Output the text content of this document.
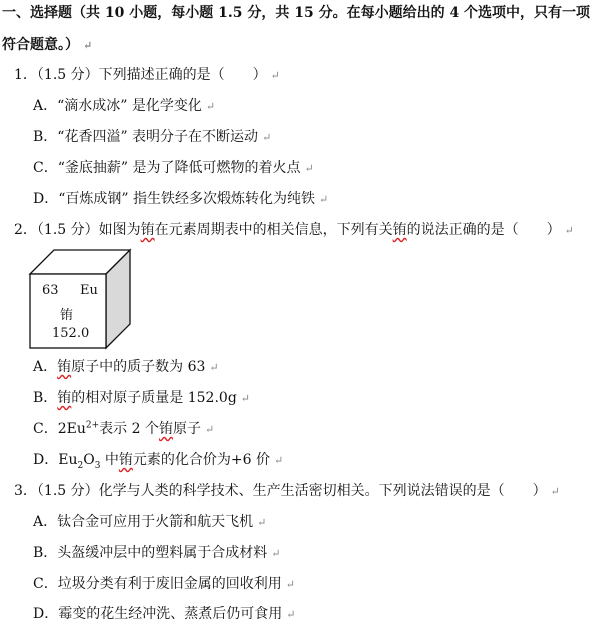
一、选择题（共 10 小题，每小题 1.5 分，共 15 分。在每小题给出的 4 个选项中，只有一项
符合题意。） ↵
1．（1.5 分）下列描述正确的是（　　） ↵
A．“滴水成冰” 是化学变化 ↵
B．“花香四溢” 表明分子在不断运动 ↵
C．“釜底抽薪” 是为了降低可燃物的着火点 ↵
D．“百炼成钢” 指生铁经多次煅炼转化为纯铁 ↵
2．（1.5 分）如图为铕在元素周期表中的相关信息，下列有关铕的说法正确的是（　　） ↵
63 Eu
铕
152.0
A．铕原子中的质子数为 63 ↵
B．铕的相对原子质量是 152.0g ↵
C．$2Eu^{2+}$表示 2 个铕原子 ↵
D．$Eu_2O_3$ 中铕元素的化合价为+6 价 ↵
3．（1.5 分）化学与人类的科学技术、生产生活密切相关。下列说法错误的是（　　） ↵
A．钛合金可应用于火箭和航天飞机 ↵
B．头盔缓冲层中的塑料属于合成材料 ↵
C．垃圾分类有利于废旧金属的回收利用 ↵
D．霉变的花生经冲洗、蒸煮后仍可食用 ↵
